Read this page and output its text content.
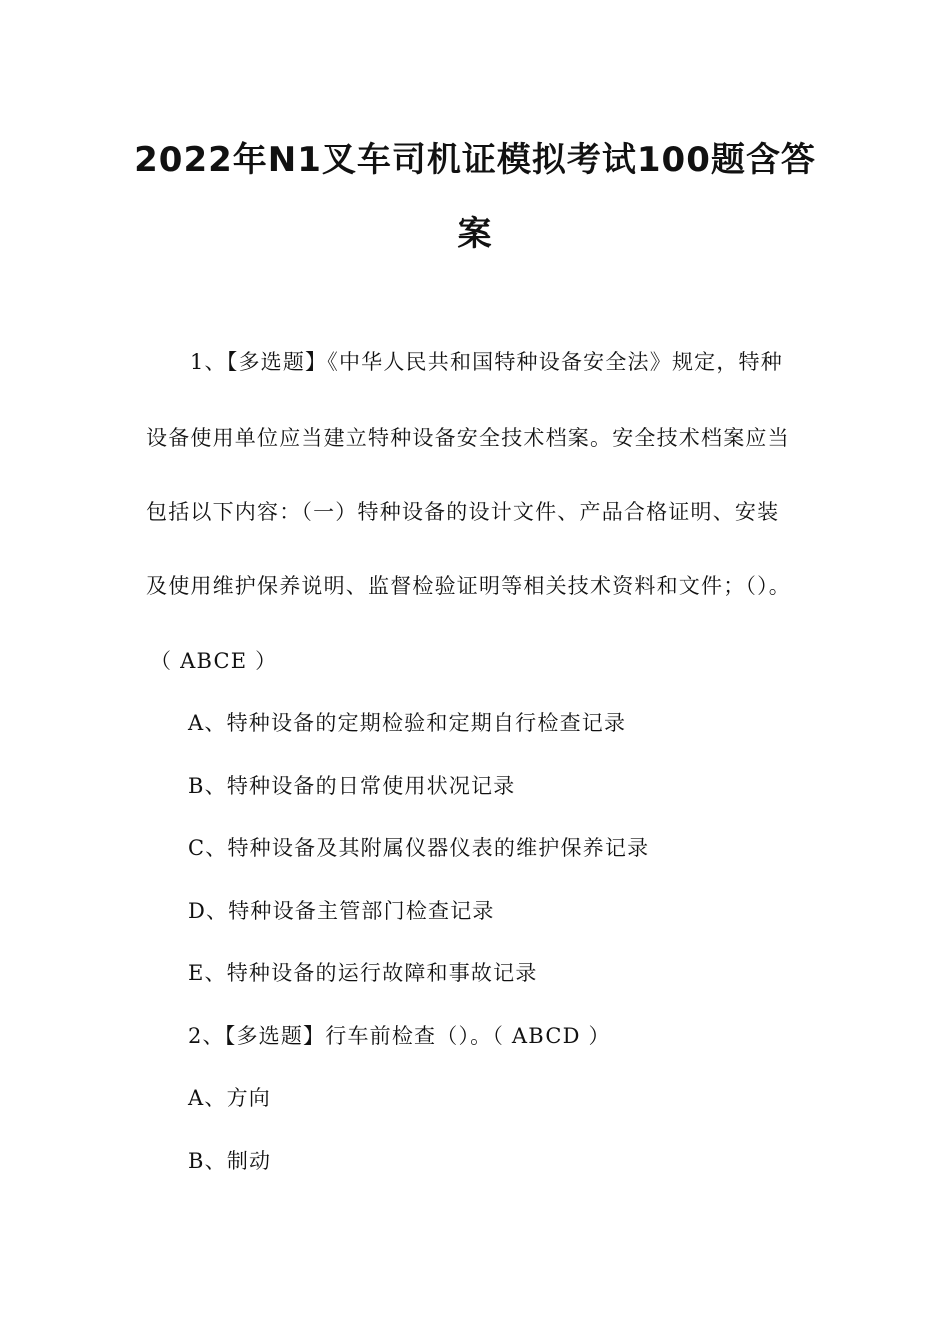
2022年N1叉车司机证模拟考试100题含答
案
1、【多选题】《中华人民共和国特种设备安全法》规定，特种
设备使用单位应当建立特种设备安全技术档案。安全技术档案应当
包括以下内容：（一）特种设备的设计文件、产品合格证明、安装
及使用维护保养说明、监督检验证明等相关技术资料和文件；（）。
（ ABCE ）
A、特种设备的定期检验和定期自行检查记录
B、特种设备的日常使用状况记录
C、特种设备及其附属仪器仪表的维护保养记录
D、特种设备主管部门检查记录
E、特种设备的运行故障和事故记录
2、【多选题】行车前检查（）。（ ABCD ）
A、方向
B、制动
